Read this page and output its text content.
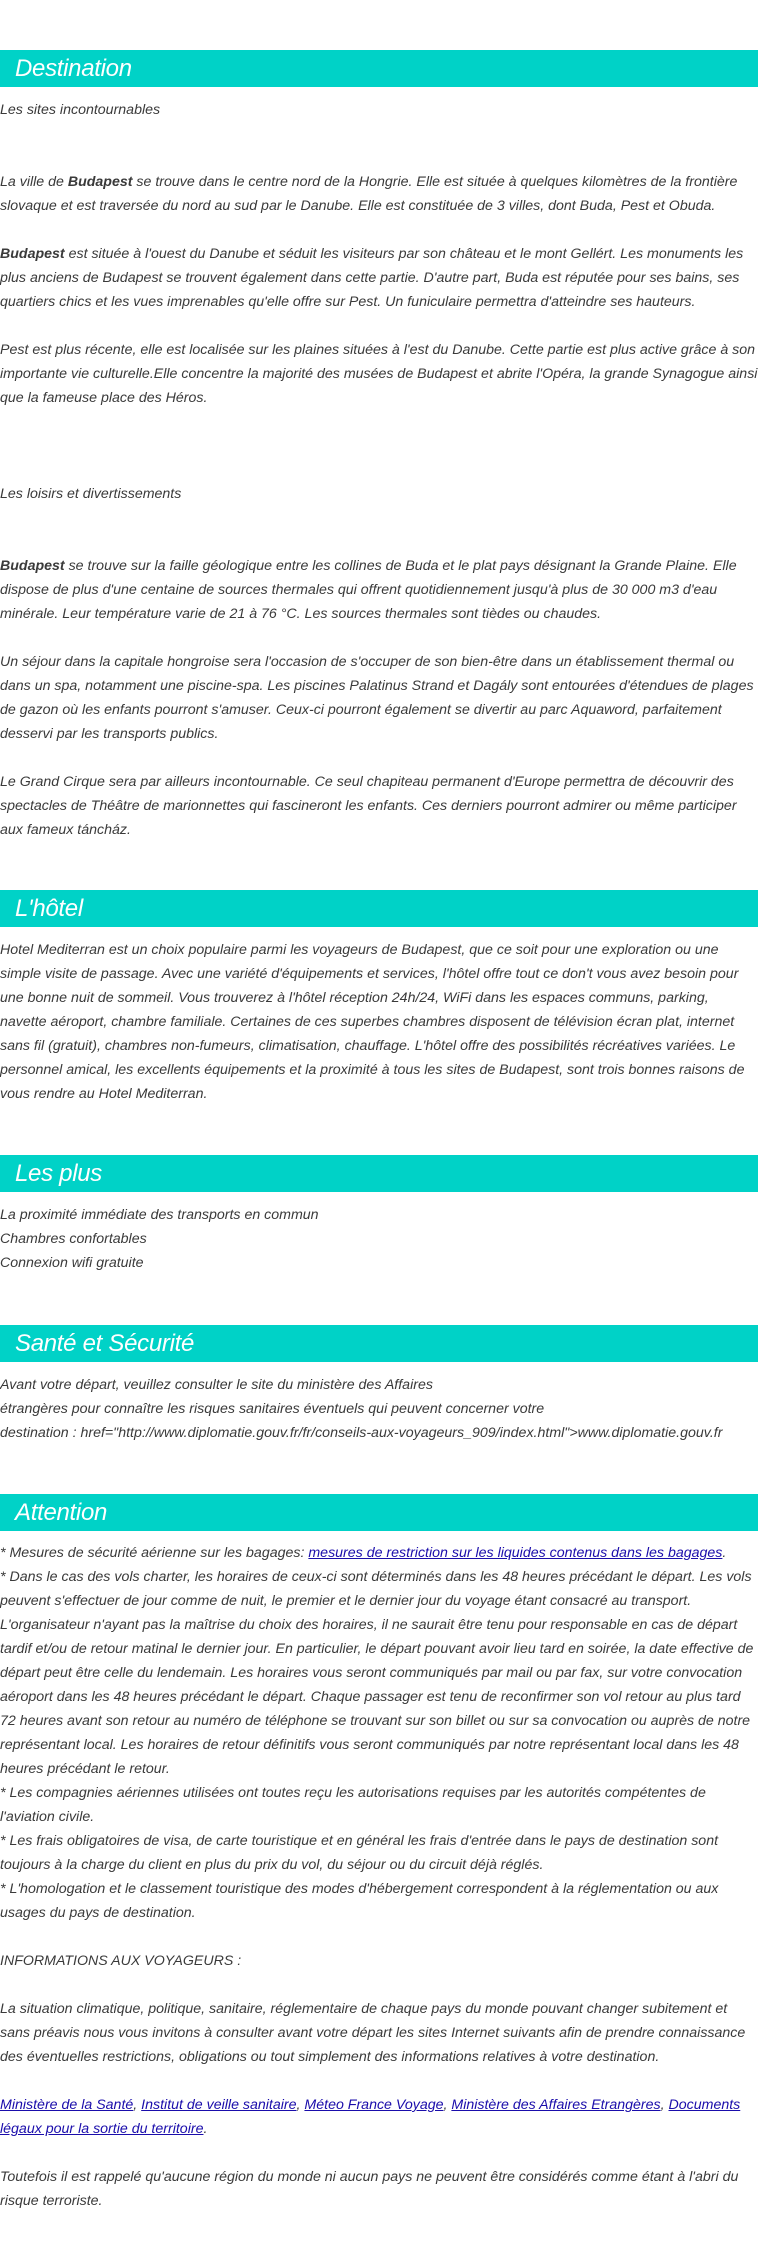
Destination

Les sites incontournables

La ville de Budapest se trouve dans le centre nord de la Hongrie. Elle est située à quelques kilomètres de la frontière slovaque et est traversée du nord au sud par le Danube. Elle est constituée de 3 villes, dont Buda, Pest et Obuda.

Budapest est située à l'ouest du Danube et séduit les visiteurs par son château et le mont Gellért. Les monuments les plus anciens de Budapest se trouvent également dans cette partie. D'autre part, Buda est réputée pour ses bains, ses quartiers chics et les vues imprenables qu'elle offre sur Pest. Un funiculaire permettra d'atteindre ses hauteurs.

Pest est plus récente, elle est localisée sur les plaines situées à l'est du Danube. Cette partie est plus active grâce à son importante vie culturelle.Elle concentre la majorité des musées de Budapest et abrite l'Opéra, la grande Synagogue ainsi que la fameuse place des Héros.

Les loisirs et divertissements

Budapest se trouve sur la faille géologique entre les collines de Buda et le plat pays désignant la Grande Plaine. Elle dispose de plus d'une centaine de sources thermales qui offrent quotidiennement jusqu'à plus de 30 000 m3 d'eau minérale. Leur température varie de 21 à 76 °C. Les sources thermales sont tièdes ou chaudes.

Un séjour dans la capitale hongroise sera l'occasion de s'occuper de son bien-être dans un établissement thermal ou dans un spa, notamment une piscine-spa. Les piscines Palatinus Strand et Dagály sont entourées d'étendues de plages de gazon où les enfants pourront s'amuser. Ceux-ci pourront également se divertir au parc Aquaword, parfaitement desservi par les transports publics.

Le Grand Cirque sera par ailleurs incontournable. Ce seul chapiteau permanent d'Europe permettra de découvrir des spectacles de Théâtre de marionnettes qui fascineront les enfants. Ces derniers pourront admirer ou même participer aux fameux táncház.

L'hôtel

Hotel Mediterran est un choix populaire parmi les voyageurs de Budapest, que ce soit pour une exploration ou une simple visite de passage. Avec une variété d'équipements et services, l'hôtel offre tout ce don't vous avez besoin pour une bonne nuit de sommeil. Vous trouverez à l'hôtel réception 24h/24, WiFi dans les espaces communs, parking, navette aéroport, chambre familiale. Certaines de ces superbes chambres disposent de télévision écran plat, internet sans fil (gratuit), chambres non-fumeurs, climatisation, chauffage. L'hôtel offre des possibilités récréatives variées. Le personnel amical, les excellents équipements et la proximité à tous les sites de Budapest, sont trois bonnes raisons de vous rendre au Hotel Mediterran.

Les plus

La proximité immédiate des transports en commun

Chambres confortables

Connexion wifi gratuite

Santé et Sécurité

Avant votre départ, veuillez consulter le site du ministère des Affaires

étrangères pour connaître les risques sanitaires éventuels qui peuvent concerner votre

destination : href="http://www.diplomatie.gouv.fr/fr/conseils-aux-voyageurs_909/index.html">www.diplomatie.gouv.fr

Attention

* Mesures de sécurité aérienne sur les bagages: mesures de restriction sur les liquides contenus dans les bagages.

* Dans le cas des vols charter, les horaires de ceux-ci sont déterminés dans les 48 heures précédant le départ. Les vols peuvent s'effectuer de jour comme de nuit, le premier et le dernier jour du voyage étant consacré au transport. L'organisateur n'ayant pas la maîtrise du choix des horaires, il ne saurait être tenu pour responsable en cas de départ tardif et/ou de retour matinal le dernier jour. En particulier, le départ pouvant avoir lieu tard en soirée, la date effective de départ peut être celle du lendemain. Les horaires vous seront communiqués par mail ou par fax, sur votre convocation aéroport dans les 48 heures précédant le départ. Chaque passager est tenu de reconfirmer son vol retour au plus tard 72 heures avant son retour au numéro de téléphone se trouvant sur son billet ou sur sa convocation ou auprès de notre représentant local. Les horaires de retour définitifs vous seront communiqués par notre représentant local dans les 48 heures précédant le retour.

* Les compagnies aériennes utilisées ont toutes reçu les autorisations requises par les autorités compétentes de l'aviation civile.

* Les frais obligatoires de visa, de carte touristique et en général les frais d'entrée dans le pays de destination sont toujours à la charge du client en plus du prix du vol, du séjour ou du circuit déjà réglés.

* L'homologation et le classement touristique des modes d'hébergement correspondent à la réglementation ou aux usages du pays de destination.

INFORMATIONS AUX VOYAGEURS :

La situation climatique, politique, sanitaire, réglementaire de chaque pays du monde pouvant changer subitement et sans préavis nous vous invitons à consulter avant votre départ les sites Internet suivants afin de prendre connaissance des éventuelles restrictions, obligations ou tout simplement des informations relatives à votre destination.

Ministère de la Santé, Institut de veille sanitaire, Méteo France Voyage, Ministère des Affaires Etrangères, Documents légaux pour la sortie du territoire.

Toutefois il est rappelé qu'aucune région du monde ni aucun pays ne peuvent être considérés comme étant à l'abri du risque terroriste.
